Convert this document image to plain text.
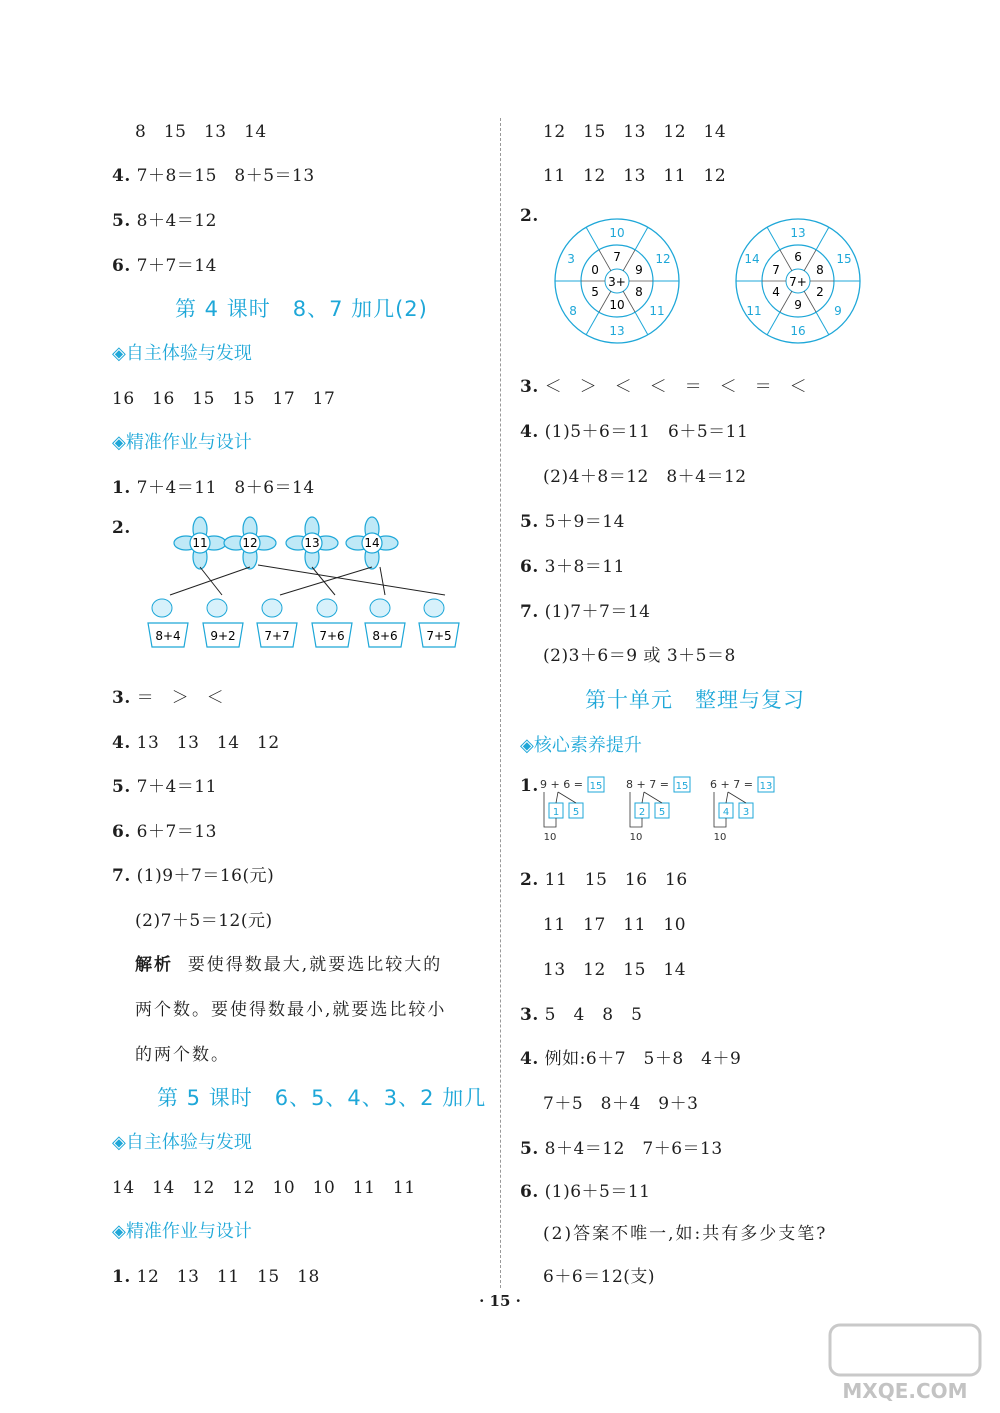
8　15　13　14
4. 7＋8＝15　8＋5＝13
5. 8＋4＝12
6. 7＋7＝14
第 4 课时　8、7 加几(2)
◈自主体验与发现
16　16　15　15　17　17
◈精准作业与设计
1. 7＋4＝11　8＋6＝14
2.
11	12	13	14
8+4 9+2 7+7 7+6 8+6 7+5
3. ＝　＞　＜
4. 13　13　14　12
5. 7＋4＝11
6. 6＋7＝13
7. (1)9＋7＝16(元)
(2)7＋5＝12(元)
解析 要使得数最大,就要选比较大的
两个数。要使得数最小,就要选比较小
的两个数。
第 5 课时　6、5、4、3、2 加几
◈自主体验与发现
14　14　12　12　10　10　11　11
◈精准作业与设计
1. 12　13　11　15　18
12　15　13　12　14
11　12　13　11　12
2.
3+
7
9
8
10
5
0
10
12
11
13
8
3
7+
6
8
2
9
4
7
13
15
9
16
11
14
3. ＜　＞　＜　＜　＝　＜　＝　＜
4. (1)5＋6＝11　6＋5＝11
(2)4＋8＝12　8＋4＝12
5. 5＋9＝14
6. 3＋8＝11
7. (1)7＋7＝14
(2)3＋6＝9 或 3＋5＝8
第十单元　整理与复习
◈核心素养提升
1. 9 + 6 =	8 + 7 =	6 + 7 =
15	15	13
1 5	2 5	4 3
10	10	10
2. 11　15　16　16
11　17　11　10
13　12　15　14
3. 5　4　8　5
4. 例如:6＋7　5＋8　4＋9
7＋5　8＋4　9＋3
5. 8＋4＝12　7＋6＝13
6. (1)6＋5＝11
(2)答案不唯一,如:共有多少支笔?
6＋6＝12(支)
· 15 ·
MXQE.COM
